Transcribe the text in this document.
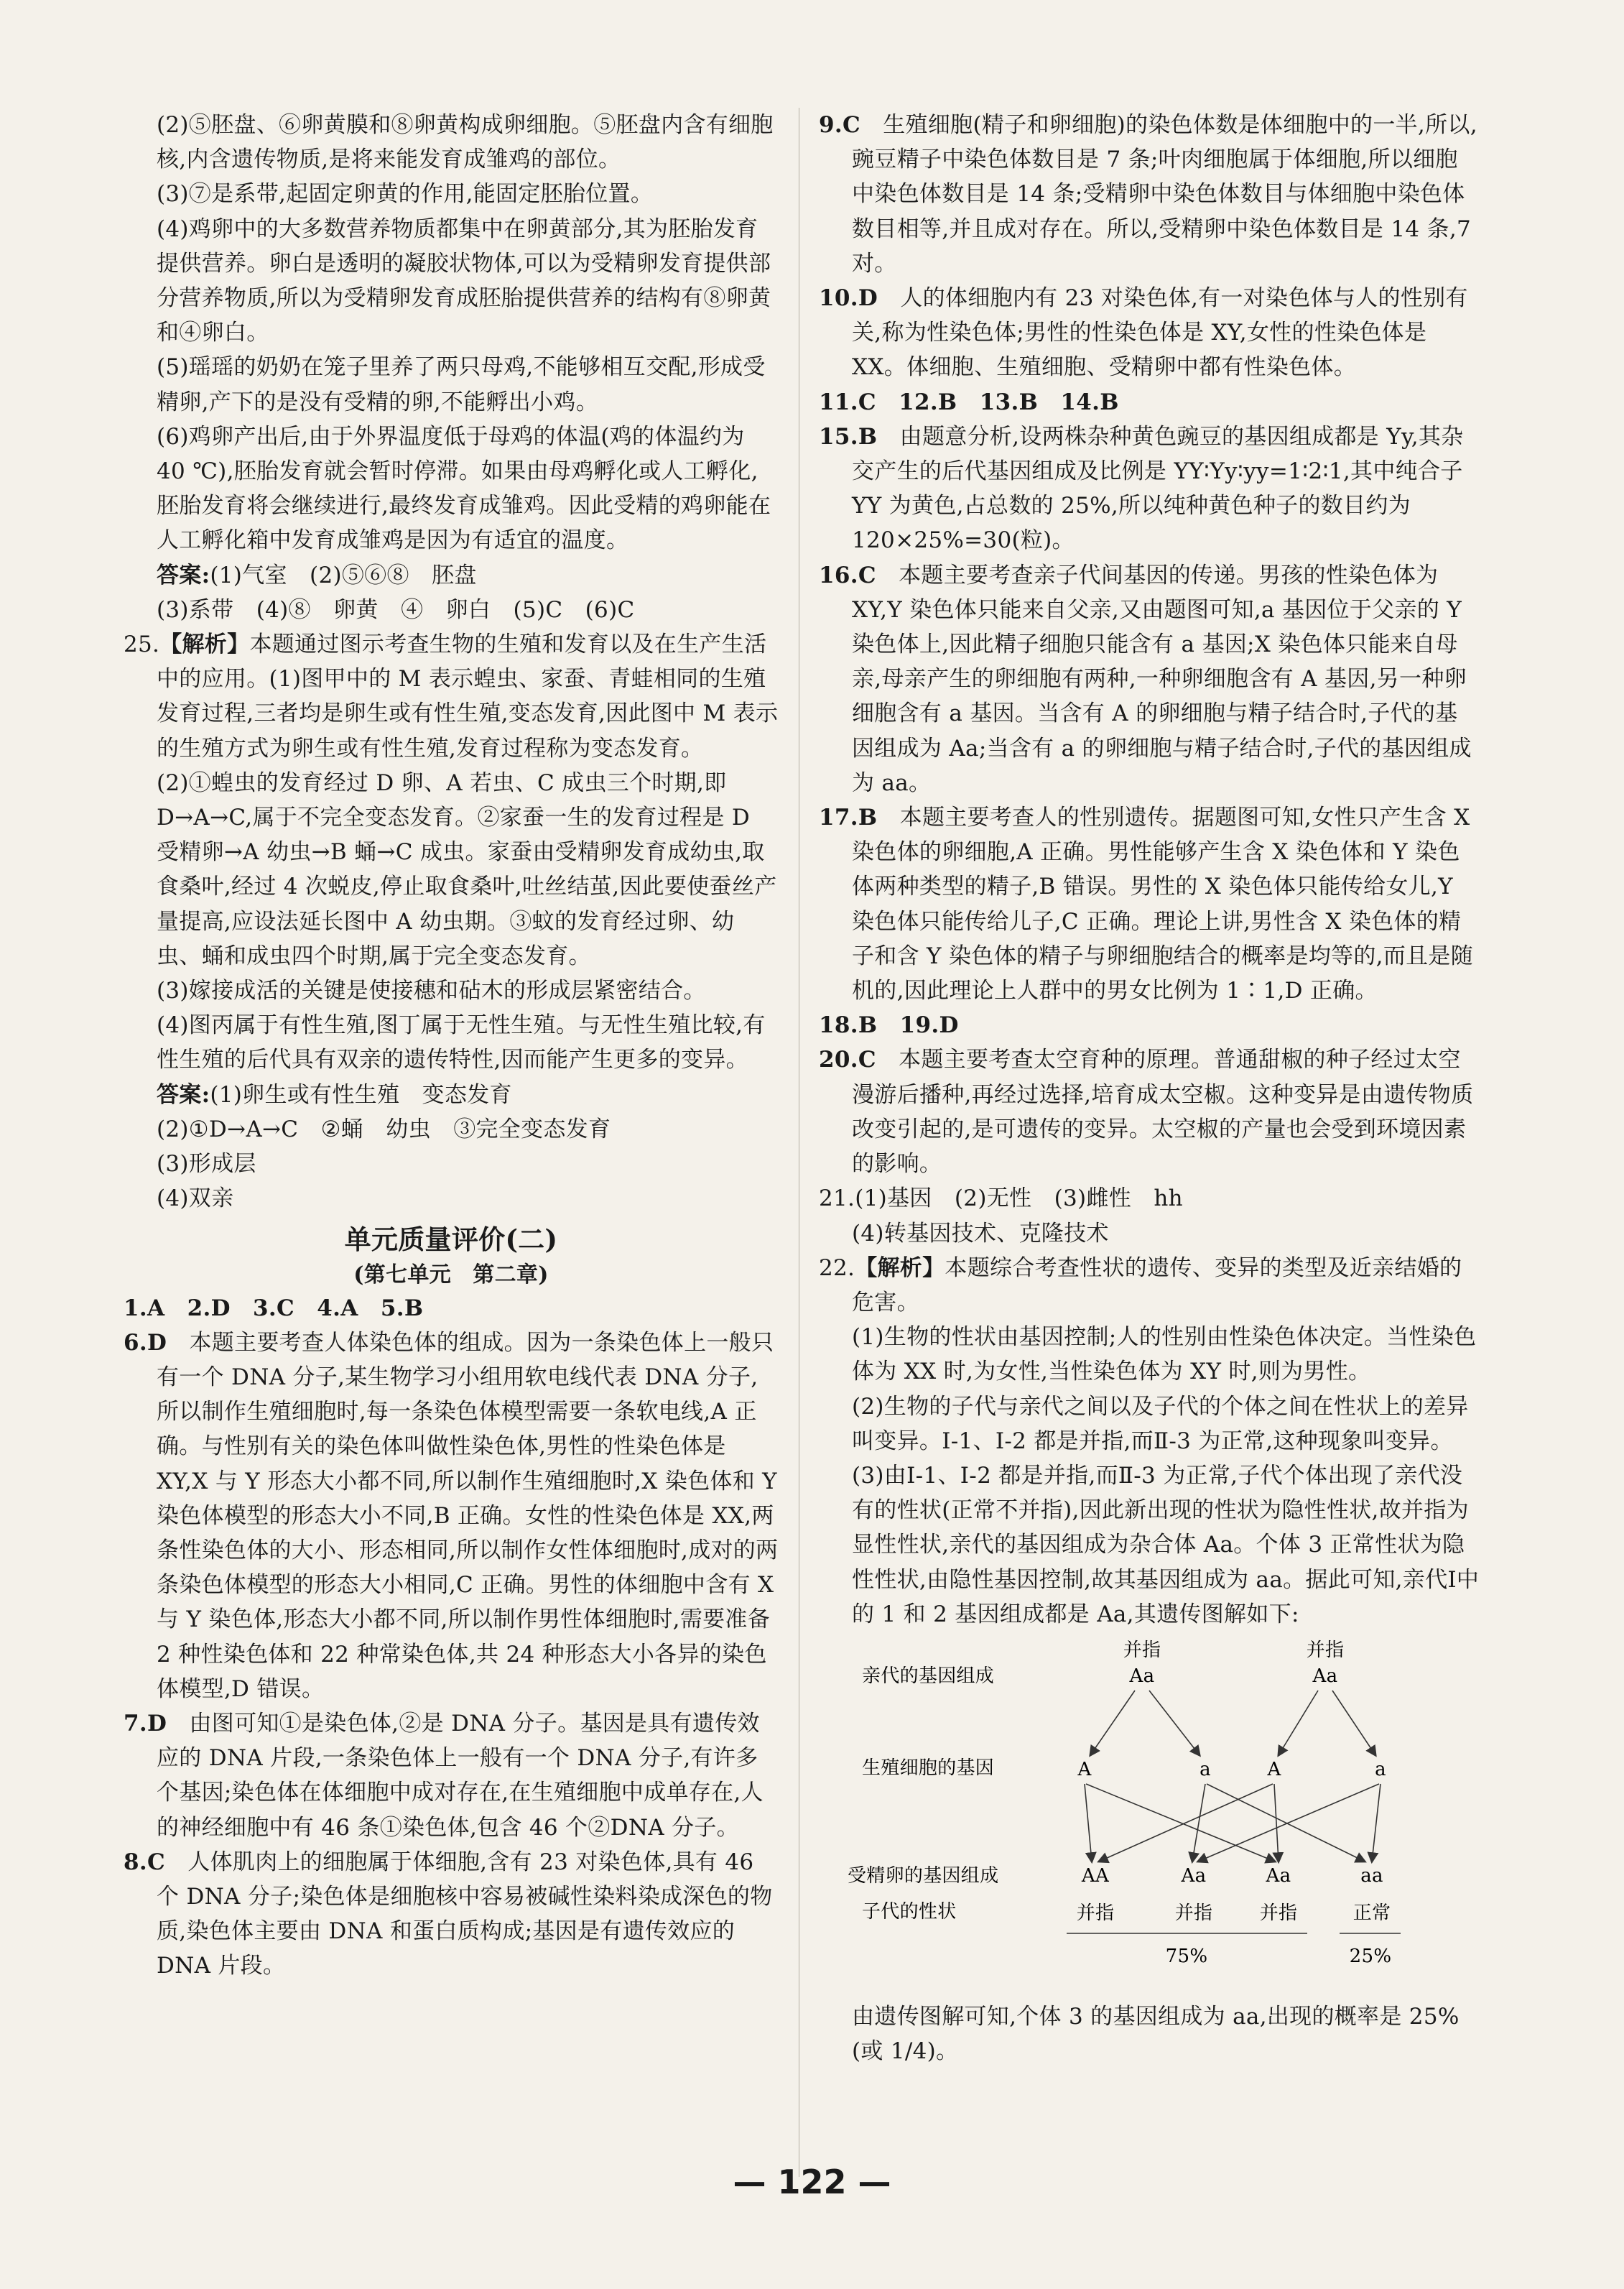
(2)⑤胚盘、⑥卵黄膜和⑧卵黄构成卵细胞。⑤胚盘内含有细胞核,内含遗传物质,是将来能发育成雏鸡的部位。

(3)⑦是系带,起固定卵黄的作用,能固定胚胎位置。

(4)鸡卵中的大多数营养物质都集中在卵黄部分,其为胚胎发育提供营养。卵白是透明的凝胶状物体,可以为受精卵发育提供部分营养物质,所以为受精卵发育成胚胎提供营养的结构有⑧卵黄和④卵白。

(5)瑶瑶的奶奶在笼子里养了两只母鸡,不能够相互交配,形成受精卵,产下的是没有受精的卵,不能孵出小鸡。

(6)鸡卵产出后,由于外界温度低于母鸡的体温(鸡的体温约为 40 ℃),胚胎发育就会暂时停滞。如果由母鸡孵化或人工孵化,胚胎发育将会继续进行,最终发育成雏鸡。因此受精的鸡卵能在人工孵化箱中发育成雏鸡是因为有适宜的温度。

答案:(1)气室　(2)⑤⑥⑧　胚盘

(3)系带　(4)⑧　卵黄　④　卵白　(5)C　(6)C

25.【解析】本题通过图示考查生物的生殖和发育以及在生产生活中的应用。(1)图甲中的 M 表示蝗虫、家蚕、青蛙相同的生殖发育过程,三者均是卵生或有性生殖,变态发育,因此图中 M 表示的生殖方式为卵生或有性生殖,发育过程称为变态发育。

(2)①蝗虫的发育经过 D 卵、A 若虫、C 成虫三个时期,即 D→A→C,属于不完全变态发育。②家蚕一生的发育过程是 D 受精卵→A 幼虫→B 蛹→C 成虫。家蚕由受精卵发育成幼虫,取食桑叶,经过 4 次蜕皮,停止取食桑叶,吐丝结茧,因此要使蚕丝产量提高,应设法延长图中 A 幼虫期。③蚊的发育经过卵、幼虫、蛹和成虫四个时期,属于完全变态发育。

(3)嫁接成活的关键是使接穗和砧木的形成层紧密结合。

(4)图丙属于有性生殖,图丁属于无性生殖。与无性生殖比较,有性生殖的后代具有双亲的遗传特性,因而能产生更多的变异。

答案:(1)卵生或有性生殖　变态发育

(2)①D→A→C　②蛹　幼虫　③完全变态发育

(3)形成层

(4)双亲

单元质量评价(二)

(第七单元　第二章)

1.A　2.D　3.C　4.A　5.B

6.D　 本题主要考查人体染色体的组成。因为一条染色体上一般只有一个 DNA 分子,某生物学习小组用软电线代表 DNA 分子,所以制作生殖细胞时,每一条染色体模型需要一条软电线,A 正确。与性别有关的染色体叫做性染色体,男性的性染色体是 XY,X 与 Y 形态大小都不同,所以制作生殖细胞时,X 染色体和 Y 染色体模型的形态大小不同,B 正确。女性的性染色体是 XX,两条性染色体的大小、形态相同,所以制作女性体细胞时,成对的两条染色体模型的形态大小相同,C 正确。男性的体细胞中含有 X 与 Y 染色体,形态大小都不同,所以制作男性体细胞时,需要准备 2 种性染色体和 22 种常染色体,共 24 种形态大小各异的染色体模型,D 错误。

7.D　 由图可知①是染色体,②是 DNA 分子。基因是具有遗传效应的 DNA 片段,一条染色体上一般有一个 DNA 分子,有许多个基因;染色体在体细胞中成对存在,在生殖细胞中成单存在,人的神经细胞中有 46 条①染色体,包含 46 个②DNA 分子。

8.C　 人体肌肉上的细胞属于体细胞,含有 23 对染色体,具有 46 个 DNA 分子;染色体是细胞核中容易被碱性染料染成深色的物质,染色体主要由 DNA 和蛋白质构成;基因是有遗传效应的 DNA 片段。

9.C　 生殖细胞(精子和卵细胞)的染色体数是体细胞中的一半,所以,豌豆精子中染色体数目是 7 条;叶肉细胞属于体细胞,所以细胞中染色体数目是 14 条;受精卵中染色体数目与体细胞中染色体数目相等,并且成对存在。所以,受精卵中染色体数目是 14 条,7 对。

10.D　 人的体细胞内有 23 对染色体,有一对染色体与人的性别有关,称为性染色体;男性的性染色体是 XY,女性的性染色体是 XX。体细胞、生殖细胞、受精卵中都有性染色体。

11.C　12.B　13.B　14.B

15.B　 由题意分析,设两株杂种黄色豌豆的基因组成都是 Yy,其杂交产生的后代基因组成及比例是 YY∶Yy∶yy=1∶2∶1,其中纯合子 YY 为黄色,占总数的 25%,所以纯种黄色种子的数目约为120×25%=30(粒)。

16.C　 本题主要考查亲子代间基因的传递。男孩的性染色体为 XY,Y 染色体只能来自父亲,又由题图可知,a 基因位于父亲的 Y 染色体上,因此精子细胞只能含有 a 基因;X 染色体只能来自母亲,母亲产生的卵细胞有两种,一种卵细胞含有 A 基因,另一种卵细胞含有 a 基因。当含有 A 的卵细胞与精子结合时,子代的基因组成为 Aa;当含有 a 的卵细胞与精子结合时,子代的基因组成为 aa。

17.B　 本题主要考查人的性别遗传。据题图可知,女性只产生含 X 染色体的卵细胞,A 正确。男性能够产生含 X 染色体和 Y 染色体两种类型的精子,B 错误。男性的 X 染色体只能传给女儿,Y 染色体只能传给儿子,C 正确。理论上讲,男性含 X 染色体的精子和含 Y 染色体的精子与卵细胞结合的概率是均等的,而且是随机的,因此理论上人群中的男女比例为 1∶1,D 正确。

18.B　19.D

20.C　 本题主要考查太空育种的原理。普通甜椒的种子经过太空漫游后播种,再经过选择,培育成太空椒。这种变异是由遗传物质改变引起的,是可遗传的变异。太空椒的产量也会受到环境因素的影响。

21.(1)基因　(2)无性　(3)雌性　hh

(4)转基因技术、克隆技术

22.【解析】本题综合考查性状的遗传、变异的类型及近亲结婚的危害。

(1)生物的性状由基因控制;人的性别由性染色体决定。当性染色体为 XX 时,为女性,当性染色体为 XY 时,则为男性。

(2)生物的子代与亲代之间以及子代的个体之间在性状上的差异叫变异。Ⅰ-1、Ⅰ-2 都是并指,而Ⅱ-3 为正常,这种现象叫变异。

(3)由Ⅰ-1、Ⅰ-2 都是并指,而Ⅱ-3 为正常,子代个体出现了亲代没有的性状(正常不并指),因此新出现的性状为隐性性状,故并指为显性性状,亲代的基因组成为杂合体 Aa。个体 3 正常性状为隐性性状,由隐性基因控制,故其基因组成为 aa。据此可知,亲代Ⅰ中的 1 和 2 基因组成都是 Aa,其遗传图解如下:

亲代的基因组成
生殖细胞的基因
受精卵的基因组成
子代的性状
并指
Aa
并指
Aa
A	a	A	a
AA	Aa	Aa	aa
并指	并指	并指	正常
75%	25%

由遗传图解可知,个体 3 的基因组成为 aa,出现的概率是 25%(或 1/4)。

— 122 —
